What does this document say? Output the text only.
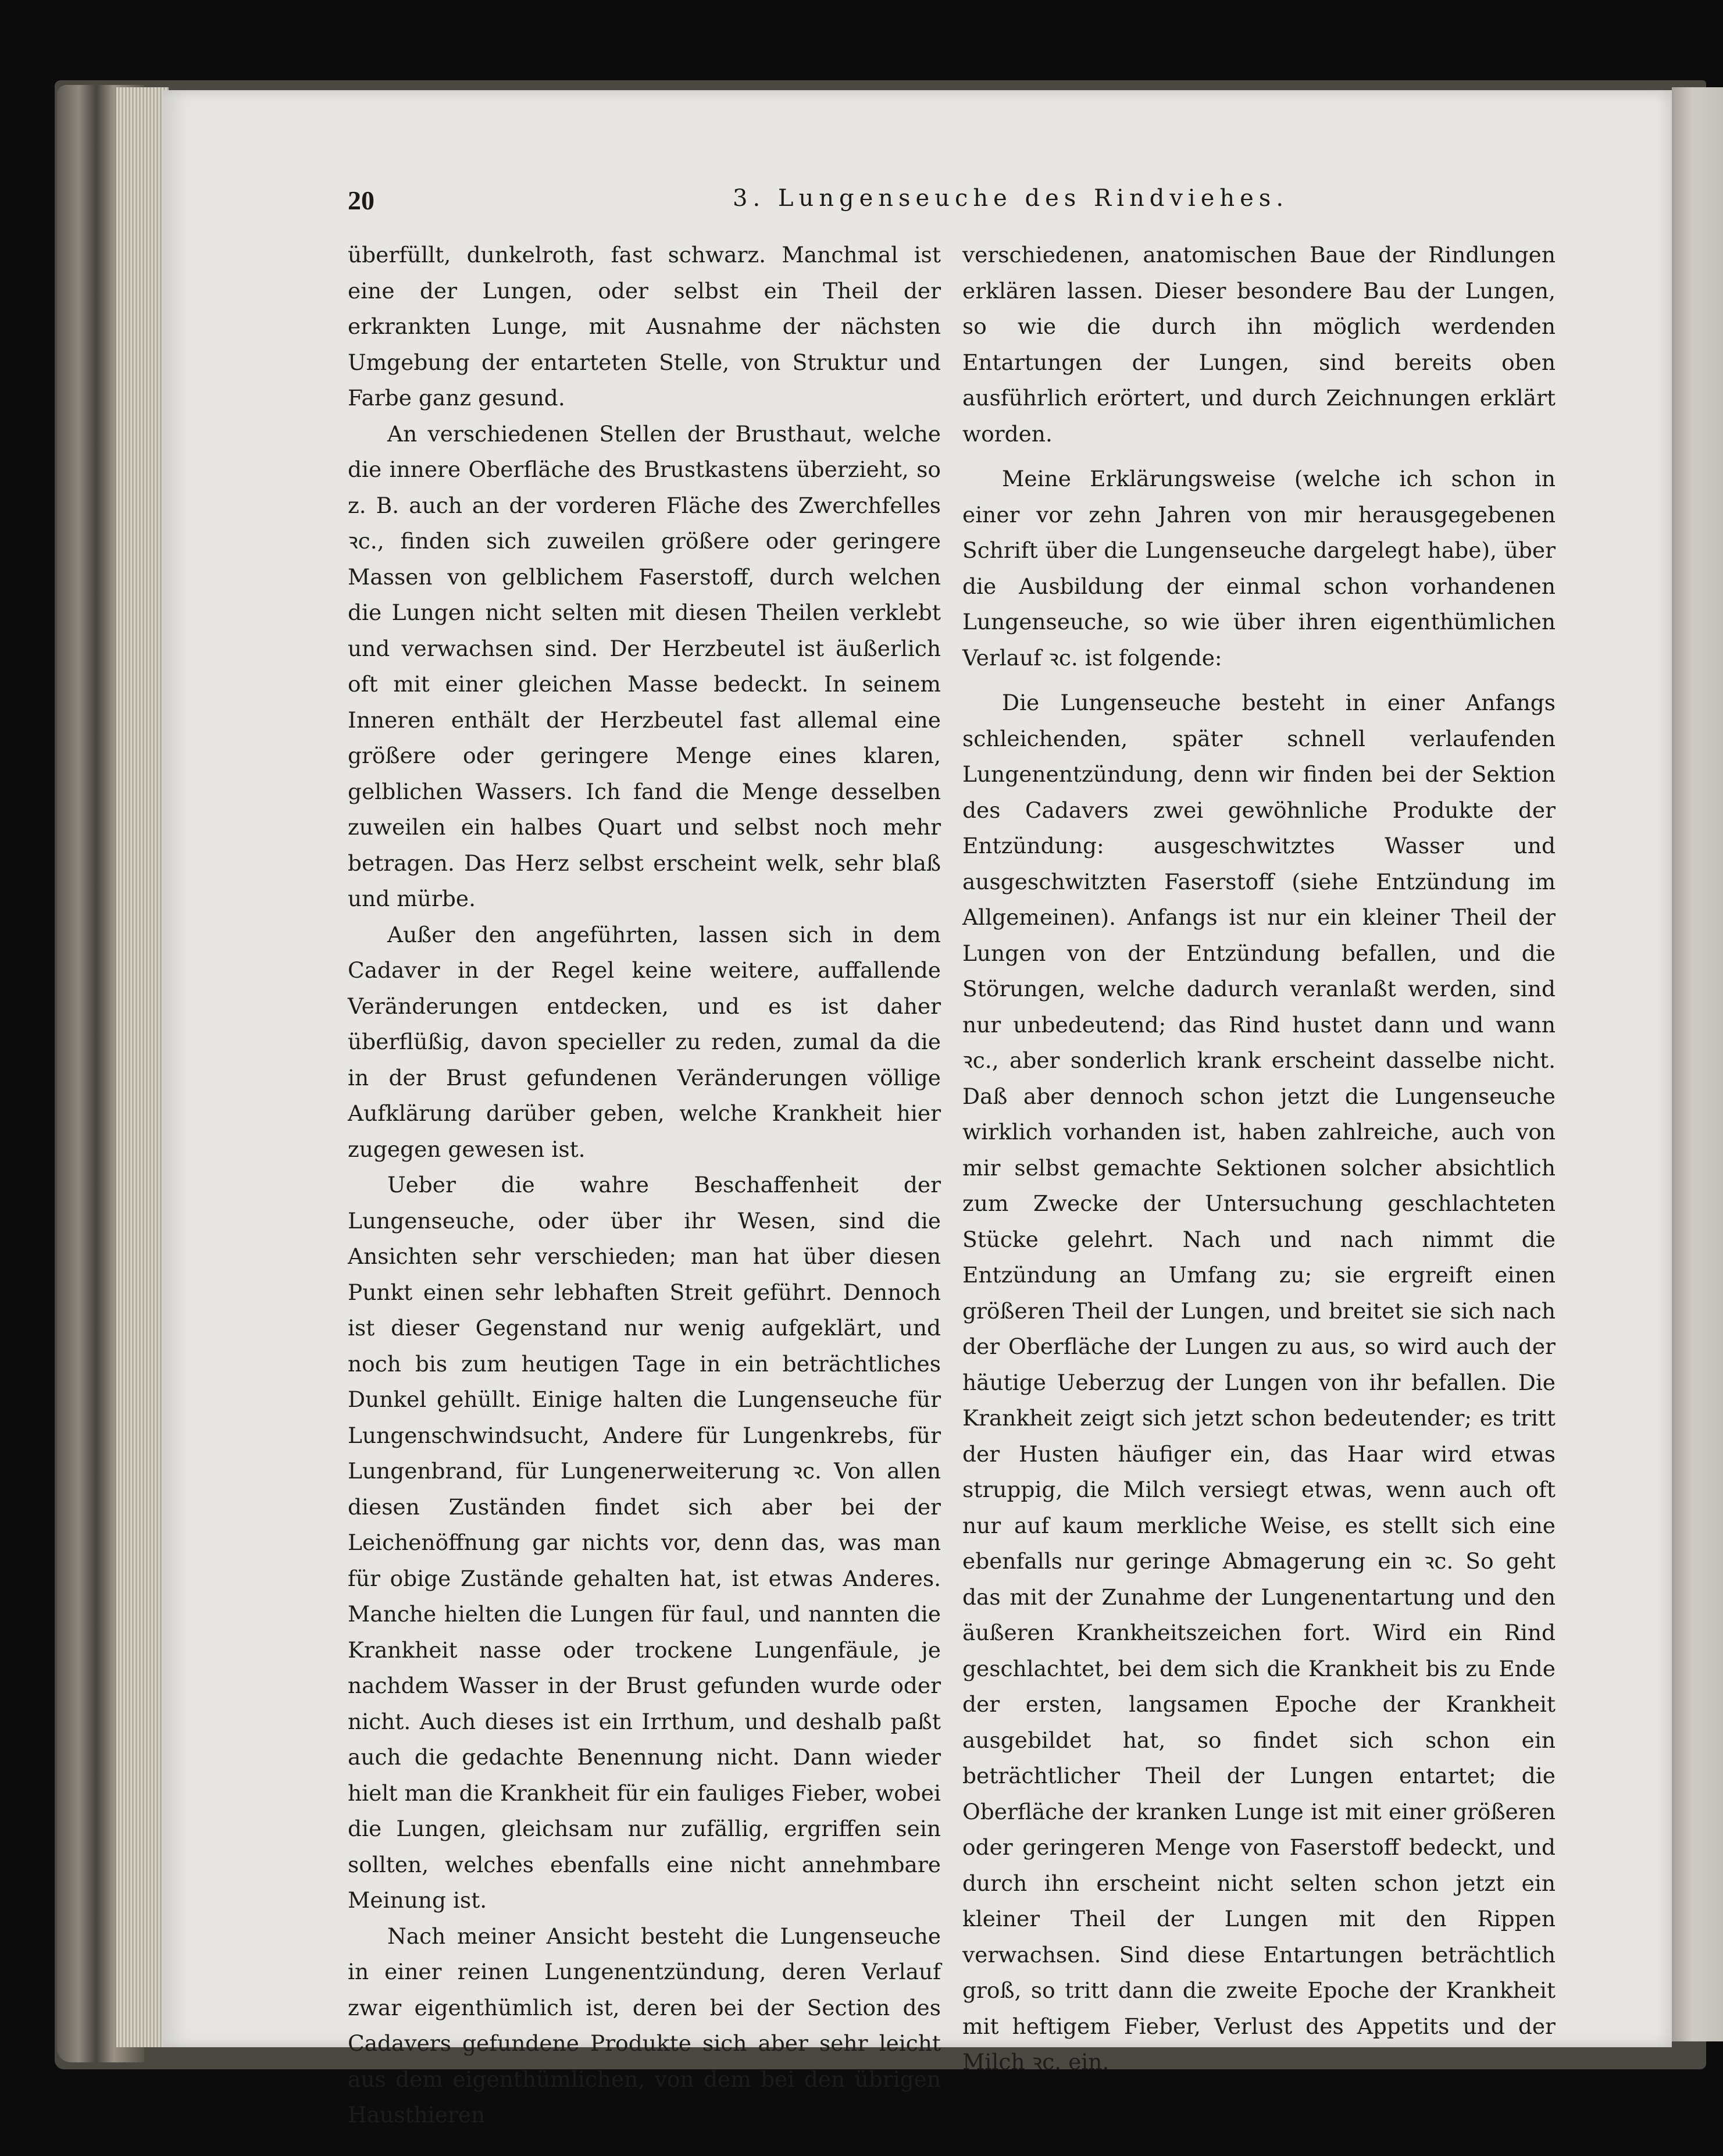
20	3. Lungenseuche des Rindviehes.

überfüllt, dunkelroth, fast schwarz. Manchmal ist eine der Lungen, oder selbst ein Theil der erkrankten Lunge, mit Ausnahme der nächsten Umgebung der entarteten Stelle, von Struktur und Farbe ganz gesund.

An verschiedenen Stellen der Brusthaut, welche die innere Oberfläche des Brustkastens überzieht, so z. B. auch an der vorderen Fläche des Zwerchfelles ꝛc., finden sich zuweilen größere oder geringere Massen von gelblichem Faserstoff, durch welchen die Lungen nicht selten mit diesen Theilen verklebt und verwachsen sind. Der Herzbeutel ist äußerlich oft mit einer gleichen Masse bedeckt. In seinem Inneren enthält der Herzbeutel fast allemal eine größere oder geringere Menge eines klaren, gelblichen Wassers. Ich fand die Menge desselben zuweilen ein halbes Quart und selbst noch mehr betragen. Das Herz selbst erscheint welk, sehr blaß und mürbe.

Außer den angeführten, lassen sich in dem Cadaver in der Regel keine weitere, auffallende Veränderungen entdecken, und es ist daher überflüßig, davon specieller zu reden, zumal da die in der Brust gefundenen Veränderungen völlige Aufklärung darüber geben, welche Krankheit hier zugegen gewesen ist.

Ueber die wahre Beschaffenheit der Lungenseuche, oder über ihr Wesen, sind die Ansichten sehr verschieden; man hat über diesen Punkt einen sehr lebhaften Streit geführt. Dennoch ist dieser Gegenstand nur wenig aufgeklärt, und noch bis zum heutigen Tage in ein beträchtliches Dunkel gehüllt. Einige halten die Lungenseuche für Lungenschwindsucht, Andere für Lungenkrebs, für Lungenbrand, für Lungenerweiterung ꝛc. Von allen diesen Zuständen findet sich aber bei der Leichenöffnung gar nichts vor, denn das, was man für obige Zustände gehalten hat, ist etwas Anderes. Manche hielten die Lungen für faul, und nannten die Krankheit nasse oder trockene Lungenfäule, je nachdem Wasser in der Brust gefunden wurde oder nicht. Auch dieses ist ein Irrthum, und deshalb paßt auch die gedachte Benennung nicht. Dann wieder hielt man die Krankheit für ein fauliges Fieber, wobei die Lungen, gleichsam nur zufällig, ergriffen sein sollten, welches ebenfalls eine nicht annehmbare Meinung ist.

Nach meiner Ansicht besteht die Lungenseuche in einer reinen Lungenentzündung, deren Verlauf zwar eigenthümlich ist, deren bei der Section des Cadavers gefundene Produkte sich aber sehr leicht aus dem eigenthümlichen, von dem bei den übrigen Hausthieren

verschiedenen, anatomischen Baue der Rindlungen erklären lassen. Dieser besondere Bau der Lungen, so wie die durch ihn möglich werdenden Entartungen der Lungen, sind bereits oben ausführlich erörtert, und durch Zeichnungen erklärt worden.

Meine Erklärungsweise (welche ich schon in einer vor zehn Jahren von mir herausgegebenen Schrift über die Lungenseuche dargelegt habe), über die Ausbildung der einmal schon vorhandenen Lungenseuche, so wie über ihren eigenthümlichen Verlauf ꝛc. ist folgende:

Die Lungenseuche besteht in einer Anfangs schleichenden, später schnell verlaufenden Lungenentzündung, denn wir finden bei der Sektion des Cadavers zwei gewöhnliche Produkte der Entzündung: ausgeschwitztes Wasser und ausgeschwitzten Faserstoff (siehe Entzündung im Allgemeinen). Anfangs ist nur ein kleiner Theil der Lungen von der Entzündung befallen, und die Störungen, welche dadurch veranlaßt werden, sind nur unbedeutend; das Rind hustet dann und wann ꝛc., aber sonderlich krank erscheint dasselbe nicht. Daß aber dennoch schon jetzt die Lungenseuche wirklich vorhanden ist, haben zahlreiche, auch von mir selbst gemachte Sektionen solcher absichtlich zum Zwecke der Untersuchung geschlachteten Stücke gelehrt. Nach und nach nimmt die Entzündung an Umfang zu; sie ergreift einen größeren Theil der Lungen, und breitet sie sich nach der Oberfläche der Lungen zu aus, so wird auch der häutige Ueberzug der Lungen von ihr befallen. Die Krankheit zeigt sich jetzt schon bedeutender; es tritt der Husten häufiger ein, das Haar wird etwas struppig, die Milch versiegt etwas, wenn auch oft nur auf kaum merkliche Weise, es stellt sich eine ebenfalls nur geringe Abmagerung ein ꝛc. So geht das mit der Zunahme der Lungenentartung und den äußeren Krankheitszeichen fort. Wird ein Rind geschlachtet, bei dem sich die Krankheit bis zu Ende der ersten, langsamen Epoche der Krankheit ausgebildet hat, so findet sich schon ein beträchtlicher Theil der Lungen entartet; die Oberfläche der kranken Lunge ist mit einer größeren oder geringeren Menge von Faserstoff bedeckt, und durch ihn erscheint nicht selten schon jetzt ein kleiner Theil der Lungen mit den Rippen verwachsen. Sind diese Entartungen beträchtlich groß, so tritt dann die zweite Epoche der Krankheit mit heftigem Fieber, Verlust des Appetits und der Milch ꝛc. ein.
